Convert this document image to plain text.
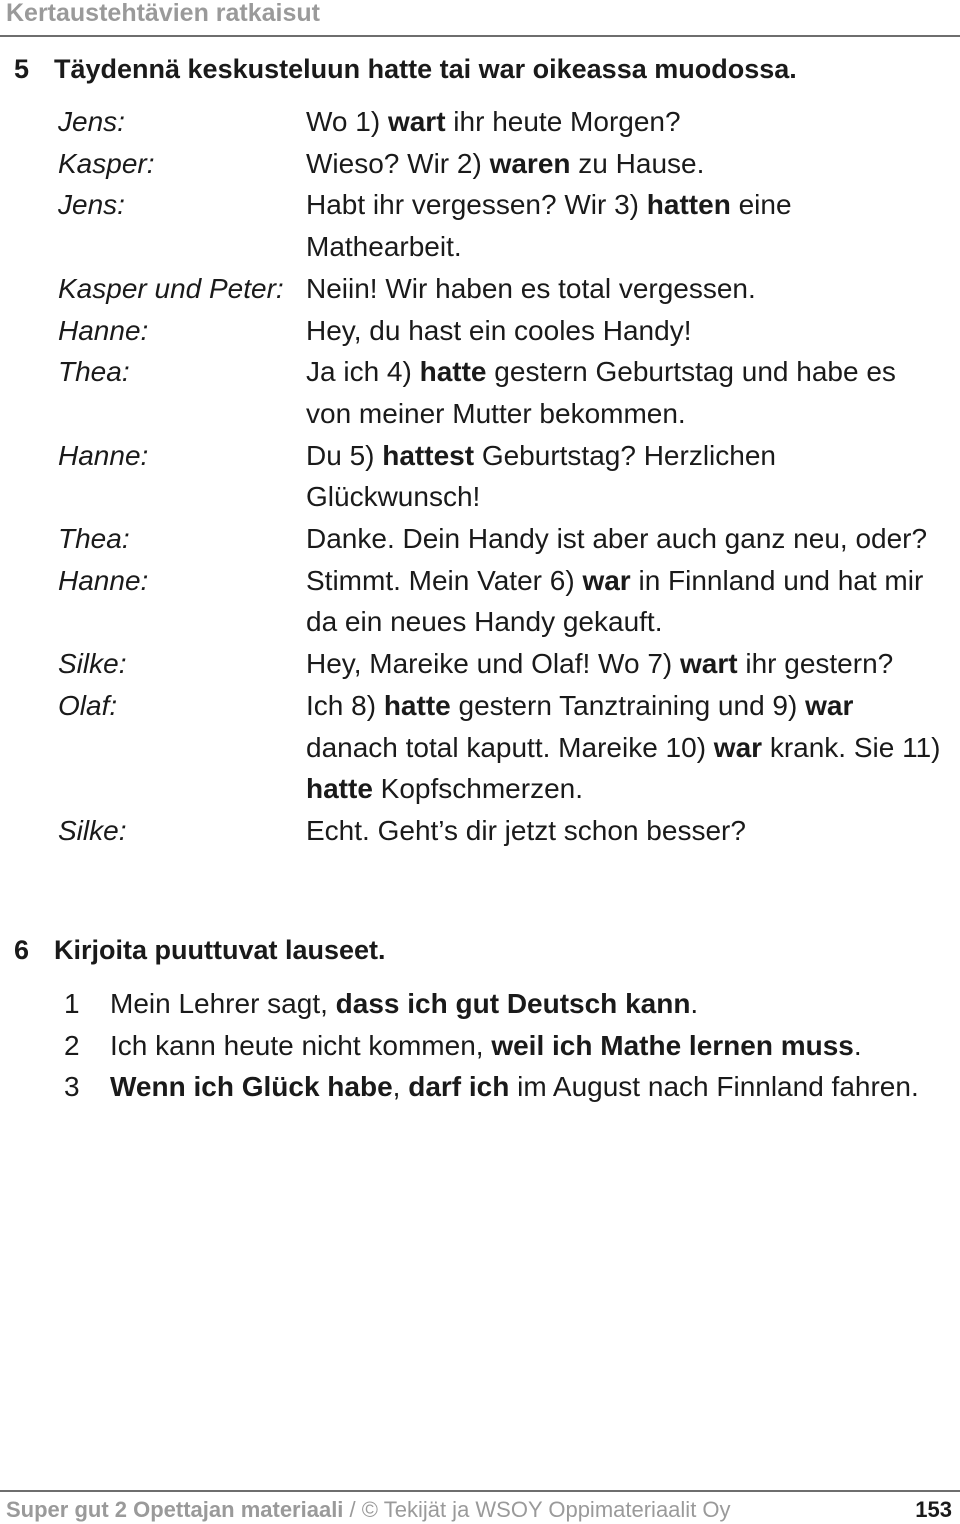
Kertaustehtävien ratkaisut
5 Täydennä keskusteluun hatte tai war oikeassa muodossa.
Jens:	Wo 1) wart ihr heute Morgen?
Kasper:	Wieso? Wir 2) waren zu Hause.
Jens:	Habt ihr vergessen? Wir 3) hatten eine Mathearbeit.
Kasper und Peter: Neiin! Wir haben es total vergessen.
Hanne:	Hey, du hast ein cooles Handy!
Thea:	Ja ich 4) hatte gestern Geburtstag und habe es von meiner Mutter bekommen.
Hanne:	Du 5) hattest Geburtstag? Herzlichen Glückwunsch!
Thea:	Danke. Dein Handy ist aber auch ganz neu, oder?
Hanne:	Stimmt. Mein Vater 6) war in Finnland und hat mir da ein neues Handy gekauft.
Silke:	Hey, Mareike und Olaf! Wo 7) wart ihr gestern?
Olaf:	Ich 8) hatte gestern Tanztraining und 9) war danach total kaputt. Mareike 10) war krank. Sie 11) hatte Kopfschmerzen.
Silke:	Echt. Geht’s dir jetzt schon besser?
6 Kirjoita puuttuvat lauseet.
1	Mein Lehrer sagt, dass ich gut Deutsch kann.
2	Ich kann heute nicht kommen, weil ich Mathe lernen muss.
3	Wenn ich Glück habe, darf ich im August nach Finnland fahren.
Super gut 2 Opettajan materiaali / © Tekijät ja WSOY Oppimateriaalit Oy	153
